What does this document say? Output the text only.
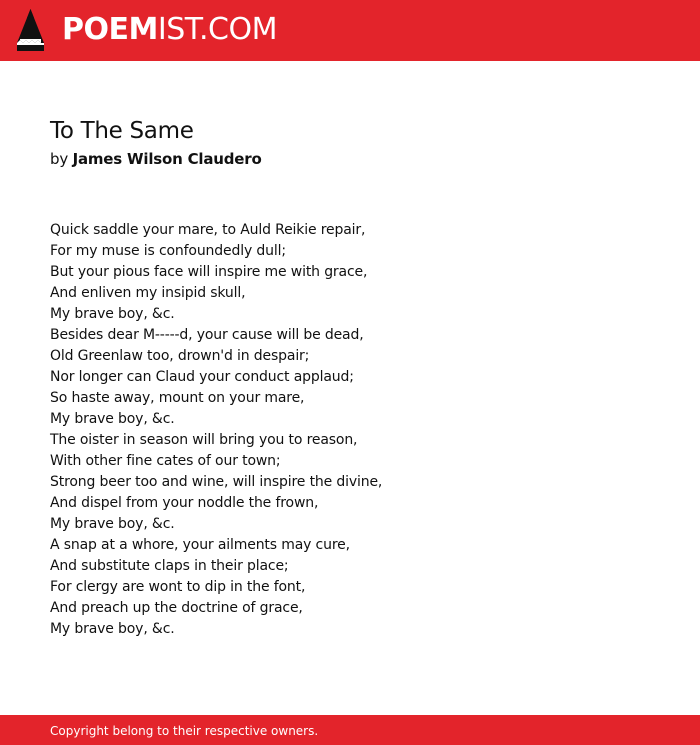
POEMIST.COM
To The Same
by James Wilson Claudero
Quick saddle your mare, to Auld Reikie repair,
For my muse is confoundedly dull;
But your pious face will inspire me with grace,
And enliven my insipid skull,
My brave boy, &c.
Besides dear M-----d, your cause will be dead,
Old Greenlaw too, drown'd in despair;
Nor longer can Claud your conduct applaud;
So haste away, mount on your mare,
My brave boy, &c.
The oister in season will bring you to reason,
With other fine cates of our town;
Strong beer too and wine, will inspire the divine,
And dispel from your noddle the frown,
My brave boy, &c.
A snap at a whore, your ailments may cure,
And substitute claps in their place;
For clergy are wont to dip in the font,
And preach up the doctrine of grace,
My brave boy, &c.
Copyright belong to their respective owners.
